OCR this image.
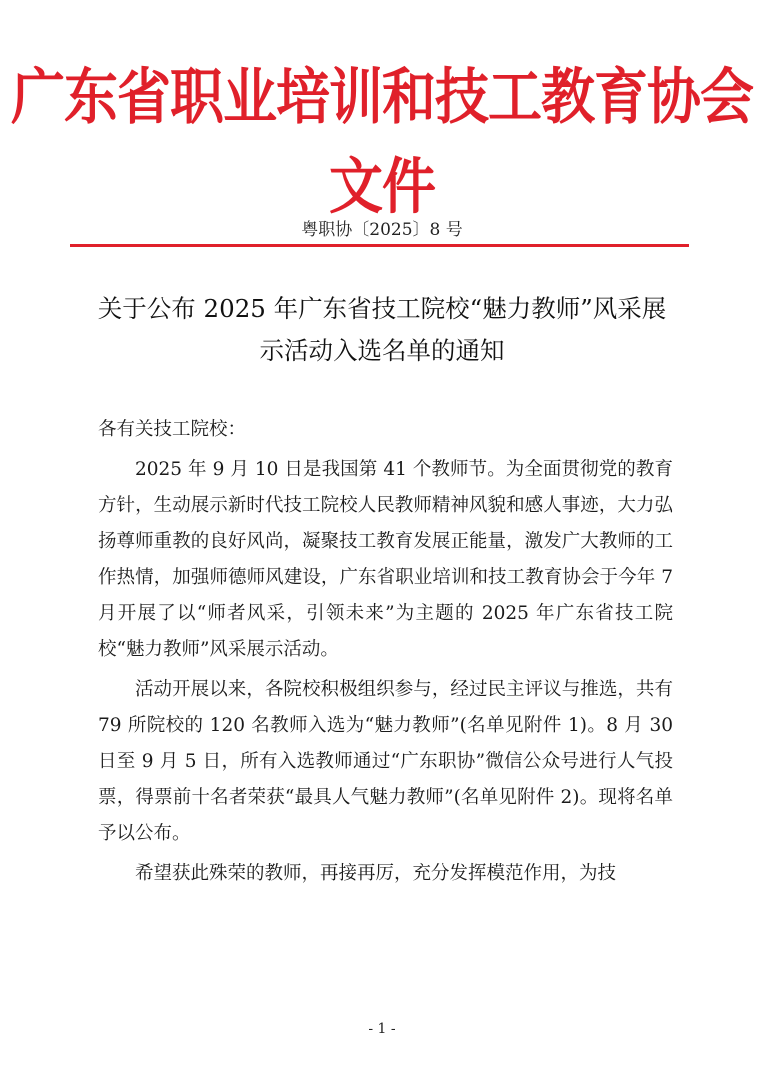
广东省职业培训和技工教育协会文件
粤职协〔2025〕8 号
关于公布 2025 年广东省技工院校“魅力教师”风采展
示活动入选名单的通知

各有关技工院校：

2025 年 9 月 10 日是我国第 41 个教师节。为全面贯彻党的教育方针，生动展示新时代技工院校人民教师精神风貌和感人事迹，大力弘扬尊师重教的良好风尚，凝聚技工教育发展正能量，激发广大教师的工作热情，加强师德师风建设，广东省职业培训和技工教育协会于今年 7 月开展了以“师者风采，引领未来”为主题的 2025 年广东省技工院校“魅力教师”风采展示活动。

活动开展以来，各院校积极组织参与，经过民主评议与推选，共有 79 所院校的 120 名教师入选为“魅力教师”(名单见附件 1)。8 月 30 日至 9 月 5 日，所有入选教师通过“广东职协”微信公众号进行人气投票，得票前十名者荣获“最具人气魅力教师”(名单见附件 2)。现将名单予以公布。

希望获此殊荣的教师，再接再厉，充分发挥模范作用，为技

- 1 -
